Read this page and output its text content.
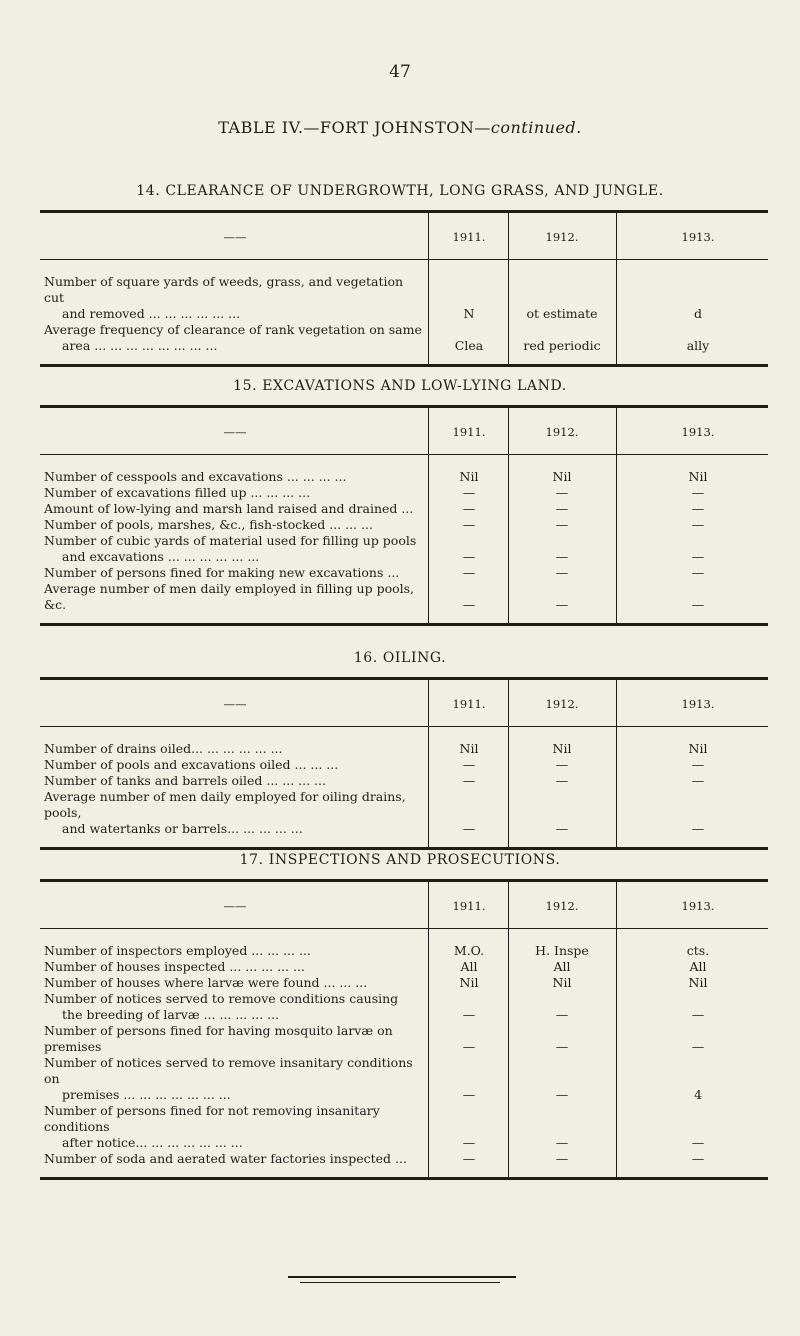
47
TABLE IV.—FORT JOHNSTON—continued.
14. CLEARANCE OF UNDERGROWTH, LONG GRASS, AND JUNGLE.
——	1911.	1912.	1913.
Number of square yards of weeds, grass, and vegetation cut
and removed ... ... ... ... ... ...	N	ot estimate	d
Average frequency of clearance of rank vegetation on same
area ... ... ... ... ... ... ... ...	Clea	red periodic	ally
15. EXCAVATIONS AND LOW-LYING LAND.
——	1911.	1912.	1913.
Number of cesspools and excavations ... ... ... ...	Nil	Nil	Nil
Number of excavations filled up ... ... ... ...	—	—	—
Amount of low-lying and marsh land raised and drained ...	—	—	—
Number of pools, marshes, &c., fish-stocked ... ... ...	—	—	—
Number of cubic yards of material used for filling up pools
and excavations ... ... ... ... ... ...	—	—	—
Number of persons fined for making new excavations ...	—	—	—
Average number of men daily employed in filling up pools, &c.	—	—	—
16. OILING.
——	1911.	1912.	1913.
Number of drains oiled... ... ... ... ... ...	Nil	Nil	Nil
Number of pools and excavations oiled ... ... ...	—	—	—
Number of tanks and barrels oiled ... ... ... ...	—	—	—
Average number of men daily employed for oiling drains, pools,
and watertanks or barrels... ... ... ... ...	—	—	—
17. INSPECTIONS AND PROSECUTIONS.
——	1911.	1912.	1913.
Number of inspectors employed ... ... ... ...	M.O.	H. Inspe	cts.
Number of houses inspected ... ... ... ... ...	All	All	All
Number of houses where larvæ were found ... ... ...	Nil	Nil	Nil
Number of notices served to remove conditions causing
the breeding of larvæ ... ... ... ... ...	—	—	—
Number of persons fined for having mosquito larvæ on premises	—	—	—
Number of notices served to remove insanitary conditions on
premises ... ... ... ... ... ... ...	—	—	4
Number of persons fined for not removing insanitary conditions
after notice... ... ... ... ... ... ...	—	—	—
Number of soda and aerated water factories inspected ...	—	—	—
